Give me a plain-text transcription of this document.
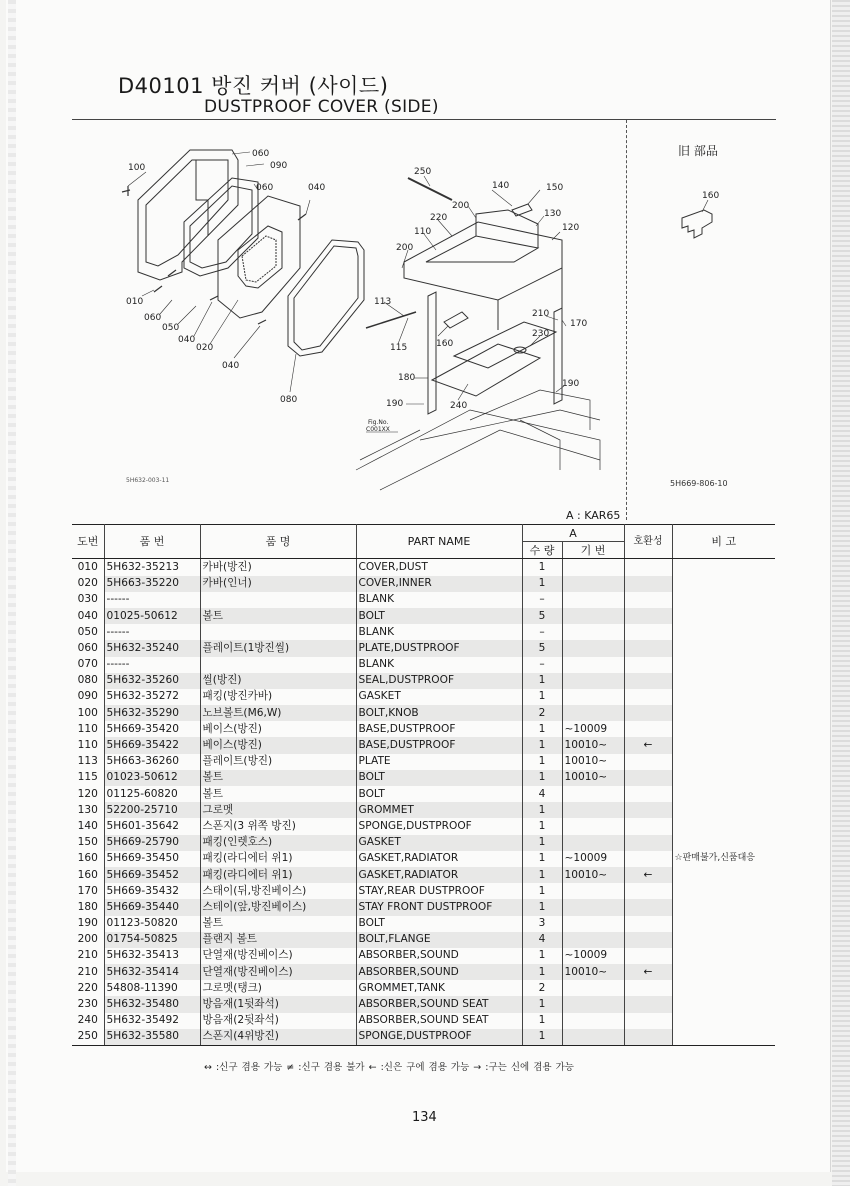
D40101 방진 커버 (사이드)
DUSTPROOF COVER (SIDE)
旧 部品
100
060
090
060	040
010
060
050
040
020
040
080
250
140	150
200
220	130
120
110
200
113
210
170
115	160
230
180
190
190	240
160
Fig.No.
C001XX
5H632-003-11	5H669-806-10
A : KAR65
도번	품 번	품 명	PART NAME	A		호환성	비 고
				수 량	기 번		
010	5H632-35213	카바(방진)	COVER,DUST	1			
020	5H663-35220	카바(인너)	COVER,INNER	1			
030	------		BLANK	–			
040	01025-50612	볼트	BOLT	5			
050	------		BLANK	–			
060	5H632-35240	플레이트(1방진씰)	PLATE,DUSTPROOF	5			
070	------		BLANK	–			
080	5H632-35260	씰(방진)	SEAL,DUSTPROOF	1			
090	5H632-35272	패킹(방진카바)	GASKET	1			
100	5H632-35290	노브볼트(M6,W)	BOLT,KNOB	2			
110	5H669-35420	베이스(방진)	BASE,DUSTPROOF	1	~10009		
110	5H669-35422	베이스(방진)	BASE,DUSTPROOF	1	10010~	←	
113	5H663-36260	플레이트(방진)	PLATE	1	10010~		
115	01023-50612	볼트	BOLT	1	10010~		
120	01125-60820	볼트	BOLT	4			
130	52200-25710	그로멧	GROMMET	1			
140	5H601-35642	스폰지(3 위쪽 방진)	SPONGE,DUSTPROOF	1			
150	5H669-25790	패킹(인렛호스)	GASKET	1			
160	5H669-35450	패킹(라디에터 위1)	GASKET,RADIATOR	1	~10009		☆판매불가,신품대응
160	5H669-35452	패킹(라디에터 위1)	GASKET,RADIATOR	1	10010~	←	
170	5H669-35432	스태이(뒤,방진베이스)	STAY,REAR DUSTPROOF	1			
180	5H669-35440	스테이(앞,방진베이스)	STAY FRONT DUSTPROOF	1			
190	01123-50820	볼트	BOLT	3			
200	01754-50825	플랜지 볼트	BOLT,FLANGE	4			
210	5H632-35413	단열재(방진베이스)	ABSORBER,SOUND	1	~10009		
210	5H632-35414	단열재(방진베이스)	ABSORBER,SOUND	1	10010~	←	
220	54808-11390	그로멧(탱크)	GROMMET,TANK	2			
230	5H632-35480	방음재(1뒷좌석)	ABSORBER,SOUND SEAT	1			
240	5H632-35492	방음재(2뒷좌석)	ABSORBER,SOUND SEAT	1			
250	5H632-35580	스폰지(4위방진)	SPONGE,DUSTPROOF	1			
↔ :신구 겸용 가능 ≠ :신구 겸용 불가 ← :신은 구에 겸용 가능 → :구는 신에 겸용 가능
134
